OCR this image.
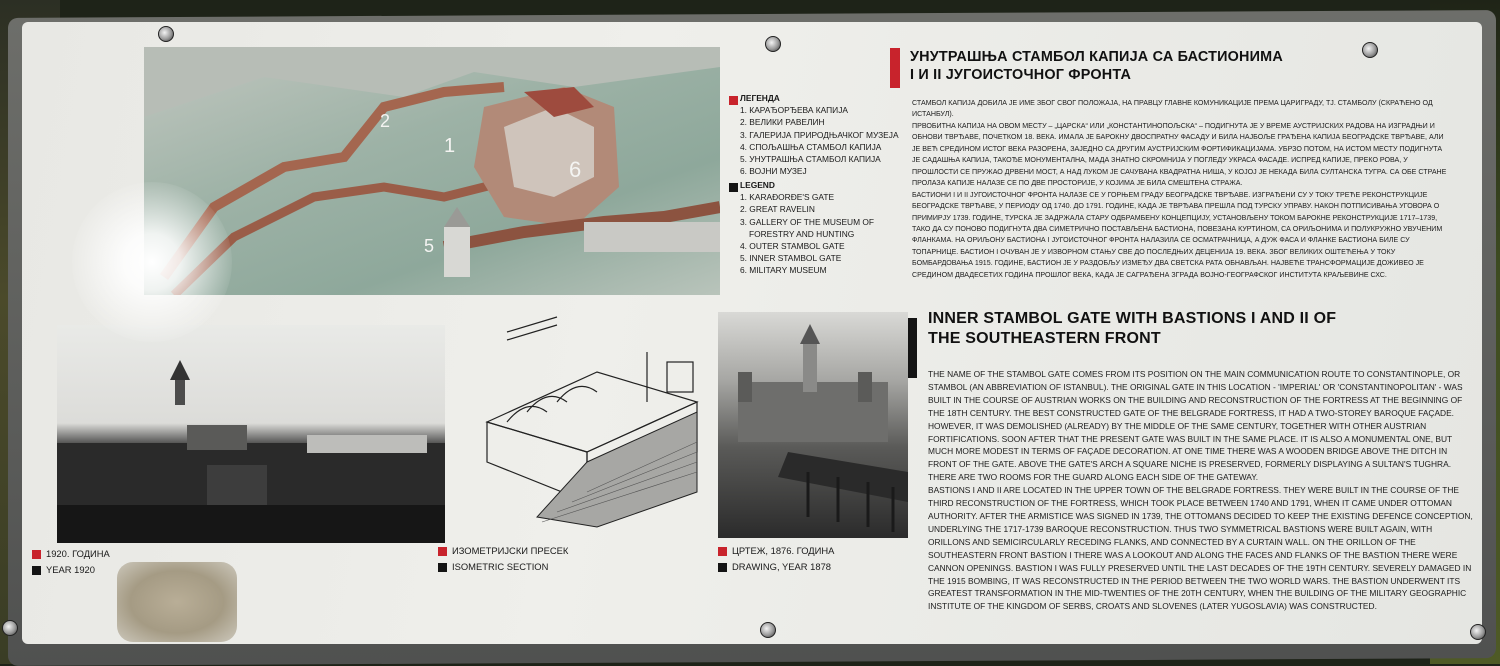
1
2
5
6
ЛЕГЕНДА
1. КАРАЂОРЂЕВА КАПИЈА
2. ВЕЛИКИ РАВЕЛИН
3. ГАЛЕРИЈА ПРИРОДЊАЧКОГ МУЗЕЈА
4. СПОЉАШЊА СТАМБОЛ КАПИЈА
5. УНУТРАШЊА СТАМБОЛ КАПИЈА
6. ВОЈНИ МУЗЕЈ
LEGEND
1. KARAĐORĐE'S GATE
2. GREAT RAVELIN
3. GALLERY OF THE MUSEUM OF
FORESTRY AND HUNTING
4. OUTER STAMBOL GATE
5. INNER STAMBOL GATE
6. MILITARY MUSEUM
УНУТРАШЊА СТАМБОЛ КАПИЈА СА БАСТИОНИМА
I И II ЈУГОИСТОЧНОГ ФРОНТА

СТАМБОЛ КАПИЈА ДОБИЛА ЈЕ ИМЕ ЗБОГ СВОГ ПОЛОЖАЈА, НА ПРАВЦУ ГЛАВНЕ КОМУНИКАЦИЈЕ ПРЕМА ЦАРИГРАДУ, ТЈ. СТАМБОЛУ (СКРАЋЕНО ОД ИСТАНБУЛ).

ПРВОБИТНА КАПИЈА НА ОВОМ МЕСТУ – „ЦАРСКА“ ИЛИ „КОНСТАНТИНОПОЉСКА“ – ПОДИГНУТА ЈЕ У ВРЕМЕ АУСТРИЈСКИХ РАДОВА НА ИЗГРАДЊИ И ОБНОВИ ТВРЂАВЕ, ПОЧЕТКОМ 18. ВЕКА. ИМАЛА ЈЕ БАРОКНУ ДВОСПРАТНУ ФАСАДУ И БИЛА НАЈБОЉЕ ГРАЂЕНА КАПИЈА БЕОГРАДСКЕ ТВРЂАВЕ, АЛИ ЈЕ ВЕЋ СРЕДИНОМ ИСТОГ ВЕКА РАЗОРЕНА, ЗАЈЕДНО СА ДРУГИМ АУСТРИЈСКИМ ФОРТИФИКАЦИЈАМА. УБРЗО ПОТОМ, НА ИСТОМ МЕСТУ ПОДИГНУТА ЈЕ САДАШЊА КАПИЈА, ТАКОЂЕ МОНУМЕНТАЛНА, МАДА ЗНАТНО СКРОМНИЈА У ПОГЛЕДУ УКРАСА ФАСАДЕ. ИСПРЕД КАПИЈЕ, ПРЕКО РОВА, У ПРОШЛОСТИ СЕ ПРУЖАО ДРВЕНИ МОСТ, А НАД ЛУКОМ ЈЕ САЧУВАНА КВАДРАТНА НИША, У КОЈОЈ ЈЕ НЕКАДА БИЛА СУЛТАНСКА ТУГРА. СА ОБЕ СТРАНЕ ПРОЛАЗА КАПИЈЕ НАЛАЗЕ СЕ ПО ДВЕ ПРОСТОРИЈЕ, У КОЈИМА ЈЕ БИЛА СМЕШТЕНА СТРАЖА.

БАСТИОНИ I И II ЈУГОИСТОЧНОГ ФРОНТА НАЛАЗЕ СЕ У ГОРЊЕМ ГРАДУ БЕОГРАДСКЕ ТВРЂАВЕ. ИЗГРАЂЕНИ СУ У ТОКУ ТРЕЋЕ РЕКОНСТРУКЦИЈЕ БЕОГРАДСКЕ ТВРЂАВЕ, У ПЕРИОДУ ОД 1740. ДО 1791. ГОДИНЕ, КАДА ЈЕ ТВРЂАВА ПРЕШЛА ПОД ТУРСКУ УПРАВУ. НАКОН ПОТПИСИВАЊА УГОВОРА О ПРИМИРЈУ 1739. ГОДИНЕ, ТУРСКА ЈЕ ЗАДРЖАЛА СТАРУ ОДБРАМБЕНУ КОНЦЕПЦИЈУ, УСТАНОВЉЕНУ ТОКОМ БАРОКНЕ РЕКОНСТРУКЦИЈЕ 1717–1739, ТАКО ДА СУ ПОНОВО ПОДИГНУТА ДВА СИМЕТРИЧНО ПОСТАВЉЕНА БАСТИОНА, ПОВЕЗАНА КУРТИНОМ, СА ОРИЉОНИМА И ПОЛУКРУЖНО УВУЧЕНИМ ФЛАНКАМА. НА ОРИЉОНУ БАСТИОНА I ЈУГОИСТОЧНОГ ФРОНТА НАЛАЗИЛА СЕ ОСМАТРАЧНИЦА, А ДУЖ ФАСА И ФЛАНКЕ БАСТИОНА БИЛЕ СУ ТОПАРНИЦЕ. БАСТИОН I ОЧУВАН ЈЕ У ИЗВОРНОМ СТАЊУ СВЕ ДО ПОСЛЕДЊИХ ДЕЦЕНИЈА 19. ВЕКА. ЗБОГ ВЕЛИКИХ ОШТЕЋЕЊА У ТОКУ БОМБАРДОВАЊА 1915. ГОДИНЕ, БАСТИОН ЈЕ У РАЗДОБЉУ ИЗМЕЂУ ДВА СВЕТСКА РАТА ОБНАВЉАН. НАЈВЕЋЕ ТРАНСФОРМАЦИЈЕ ДОЖИВЕО ЈЕ СРЕДИНОМ ДВАДЕСЕТИХ ГОДИНА ПРОШЛОГ ВЕКА, КАДА ЈЕ САГРАЂЕНА ЗГРАДА ВОЈНО-ГЕОГРАФСКОГ ИНСТИТУТА КРАЉЕВИНЕ СХС.

INNER STAMBOL GATE WITH BASTIONS I AND II OF
THE SOUTHEASTERN FRONT

THE NAME OF THE STAMBOL GATE COMES FROM ITS POSITION ON THE MAIN COMMUNICATION ROUTE TO CONSTANTINOPLE, OR STAMBOL (AN ABBREVIATION OF ISTANBUL). THE ORIGINAL GATE IN THIS LOCATION - 'IMPERIAL' OR 'CONSTANTINOPOLITAN' - WAS BUILT IN THE COURSE OF AUSTRIAN WORKS ON THE BUILDING AND RECONSTRUCTION OF THE FORTRESS AT THE BEGINNING OF THE 18TH CENTURY. THE BEST CONSTRUCTED GATE OF THE BELGRADE FORTRESS, IT HAD A TWO-STOREY BAROQUE FAÇADE. HOWEVER, IT WAS DEMOLISHED (ALREADY) BY THE MIDDLE OF THE SAME CENTURY, TOGETHER WITH OTHER AUSTRIAN FORTIFICATIONS. SOON AFTER THAT THE PRESENT GATE WAS BUILT IN THE SAME PLACE. IT IS ALSO A MONUMENTAL ONE, BUT MUCH MORE MODEST IN TERMS OF FAÇADE DECORATION. AT ONE TIME THERE WAS A WOODEN BRIDGE ABOVE THE DITCH IN FRONT OF THE GATE. ABOVE THE GATE'S ARCH A SQUARE NICHE IS PRESERVED, FORMERLY DISPLAYING A SULTAN'S TUGHRA. THERE ARE TWO ROOMS FOR THE GUARD ALONG EACH SIDE OF THE GATEWAY.

BASTIONS I AND II ARE LOCATED IN THE UPPER TOWN OF THE BELGRADE FORTRESS. THEY WERE BUILT IN THE COURSE OF THE THIRD RECONSTRUCTION OF THE FORTRESS, WHICH TOOK PLACE BETWEEN 1740 AND 1791, WHEN IT CAME UNDER OTTOMAN AUTHORITY. AFTER THE ARMISTICE WAS SIGNED IN 1739, THE OTTOMANS DECIDED TO KEEP THE EXISTING DEFENCE CONCEPTION, UNDERLYING THE 1717-1739 BAROQUE RECONSTRUCTION. THUS TWO SYMMETRICAL BASTIONS WERE BUILT AGAIN, WITH ORILLONS AND SEMICIRCULARLY RECEDING FLANKS, AND CONNECTED BY A CURTAIN WALL. ON THE ORILLON OF THE SOUTHEASTERN FRONT BASTION I THERE WAS A LOOKOUT AND ALONG THE FACES AND FLANKS OF THE BASTION THERE WERE CANNON OPENINGS. BASTION I WAS FULLY PRESERVED UNTIL THE LAST DECADES OF THE 19TH CENTURY. SEVERELY DAMAGED IN THE 1915 BOMBING, IT WAS RECONSTRUCTED IN THE PERIOD BETWEEN THE TWO WORLD WARS. THE BASTION UNDERWENT ITS GREATEST TRANSFORMATION IN THE MID-TWENTIES OF THE 20TH CENTURY, WHEN THE BUILDING OF THE MILITARY GEOGRAPHIC INSTITUTE OF THE KINGDOM OF SERBS, CROATS AND SLOVENES (LATER YUGOSLAVIA) WAS CONSTRUCTED.

1920. ГОДИНА
YEAR 1920
ИЗОМЕТРИЈСКИ ПРЕСЕК
ISOMETRIC SECTION
ЦРТЕЖ, 1876. ГОДИНА
DRAWING, YEAR 1878
